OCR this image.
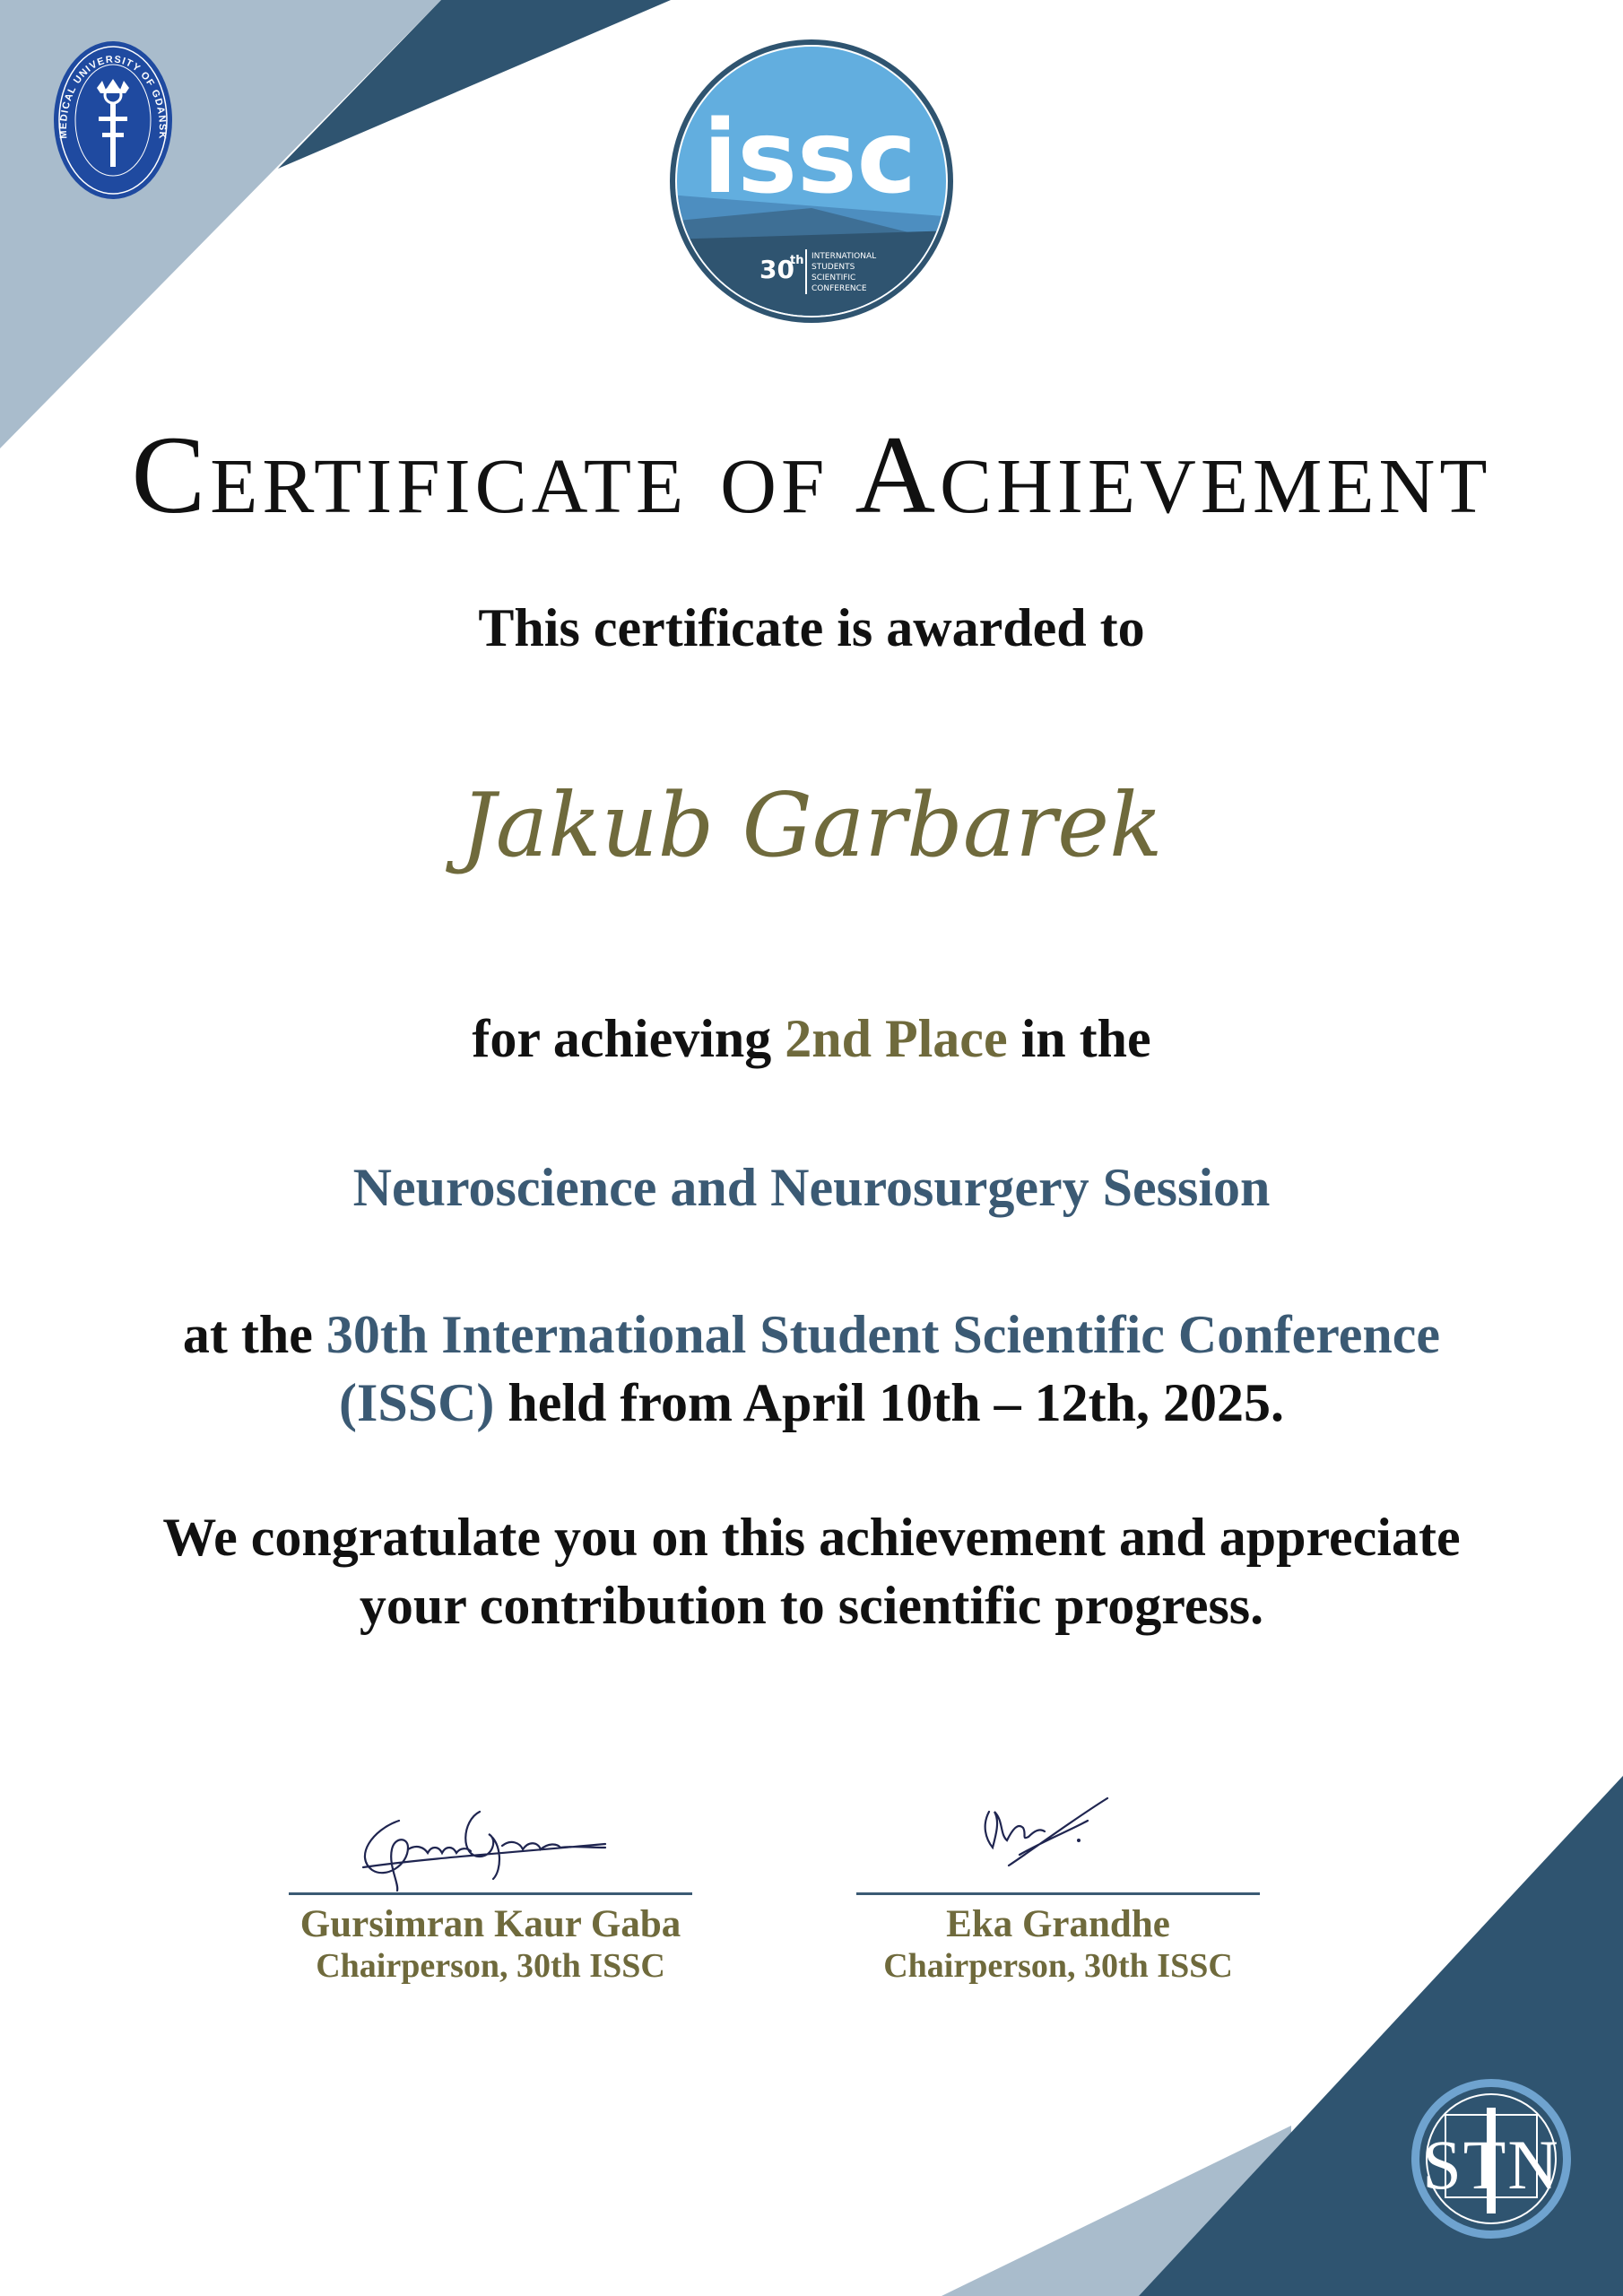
MEDICAL UNIVERSITY OF GDANSK	issc
30
th INTERNATIONAL
STUDENTS
SCIENTIFIC
CONFERENCE
Certificate of Achievement
This certificate is awarded to
Jakub Garbarek
for achieving 2nd Place in the
Neuroscience and Neurosurgery Session
at the 30th International Student Scientific Conference
(ISSC) held from April 10th – 12th, 2025.
We congratulate you on this achievement and appreciate
your contribution to scientific progress.
Gursimran Kaur Gaba
Chairperson, 30th ISSC
Eka Grandhe
Chairperson, 30th ISSC
STN
